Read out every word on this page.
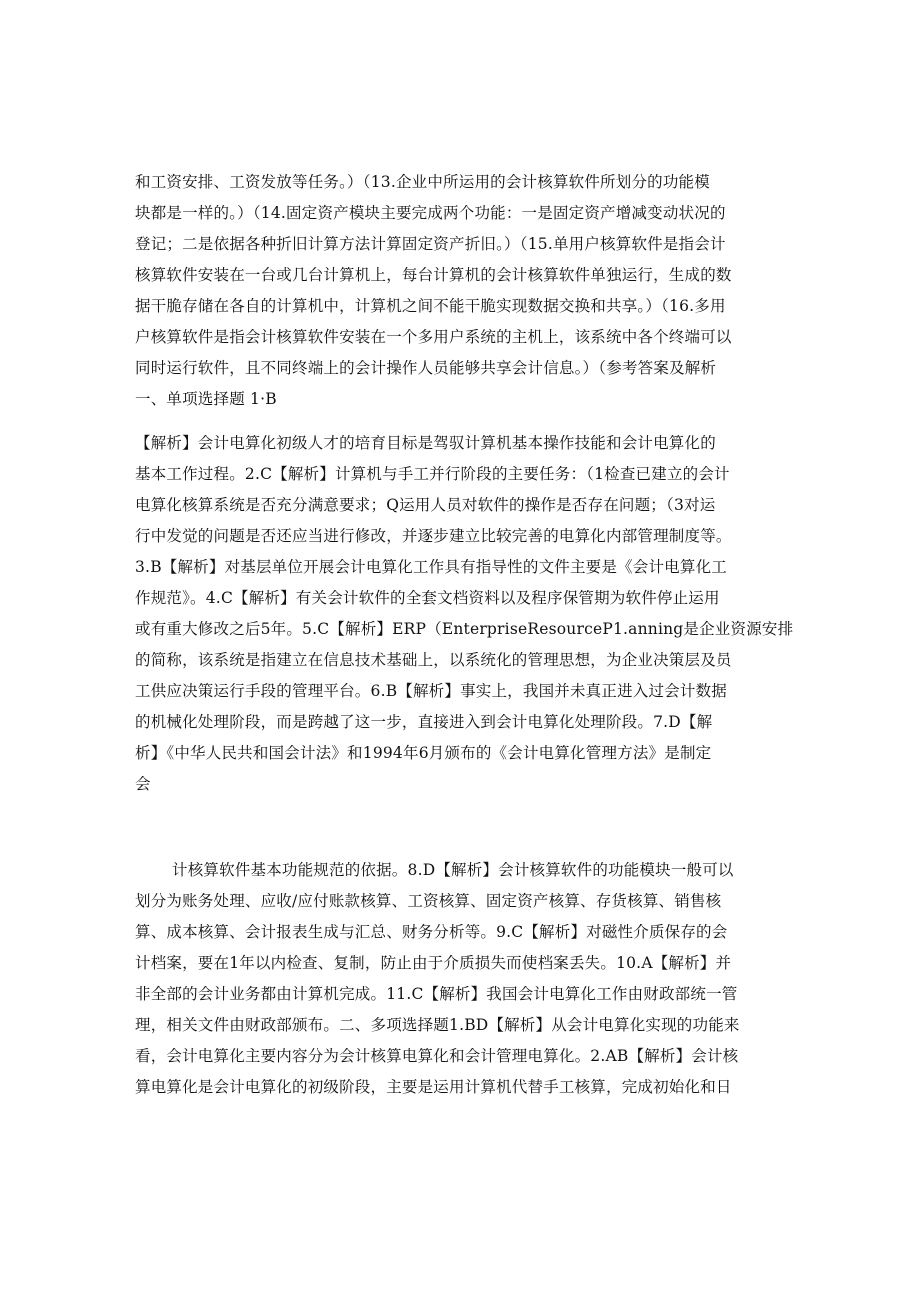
和工资安排、工资发放等任务。）（13.企业中所运用的会计核算软件所划分的功能模
块都是一样的。）（14.固定资产模块主要完成两个功能：一是固定资产增减变动状况的
登记；二是依据各种折旧计算方法计算固定资产折旧。）（15.单用户核算软件是指会计
核算软件安装在一台或几台计算机上，每台计算机的会计核算软件单独运行，生成的数
据干脆存储在各自的计算机中，计算机之间不能干脆实现数据交换和共享。）（16.多用
户核算软件是指会计核算软件安装在一个多用户系统的主机上，该系统中各个终端可以
同时运行软件，且不同终端上的会计操作人员能够共享会计信息。）（参考答案及解析
一、单项选择题 1·B
【解析】会计电算化初级人才的培育目标是驾驭计算机基本操作技能和会计电算化的
基本工作过程。2.C【解析】计算机与手工并行阶段的主要任务：（1检查已建立的会计
电算化核算系统是否充分满意要求；Q运用人员对软件的操作是否存在问题；（3对运
行中发觉的问题是否还应当进行修改，并逐步建立比较完善的电算化内部管理制度等。
3.B【解析】对基层单位开展会计电算化工作具有指导性的文件主要是《会计电算化工
作规范》。4.C【解析】有关会计软件的全套文档资料以及程序保管期为软件停止运用
或有重大修改之后5年。5.C【解析】ERP（EnterpriseResourceP1.anning是企业资源安排
的简称，该系统是指建立在信息技术基础上，以系统化的管理思想，为企业决策层及员
工供应决策运行手段的管理平台。6.B【解析】事实上，我国并未真正进入过会计数据
的机械化处理阶段，而是跨越了这一步，直接进入到会计电算化处理阶段。7.D【解
析】《中华人民共和国会计法》和1994年6月颁布的《会计电算化管理方法》是制定
会
计核算软件基本功能规范的依据。8.D【解析】会计核算软件的功能模块一般可以
划分为账务处理、应收/应付账款核算、工资核算、固定资产核算、存货核算、销售核
算、成本核算、会计报表生成与汇总、财务分析等。9.C【解析】对磁性介质保存的会
计档案，要在1年以内检查、复制，防止由于介质损失而使档案丢失。10.A【解析】并
非全部的会计业务都由计算机完成。11.C【解析】我国会计电算化工作由财政部统一管
理，相关文件由财政部颁布。二、多项选择题1.BD【解析】从会计电算化实现的功能来
看，会计电算化主要内容分为会计核算电算化和会计管理电算化。2.AB【解析】会计核
算电算化是会计电算化的初级阶段，主要是运用计算机代替手工核算，完成初始化和日
